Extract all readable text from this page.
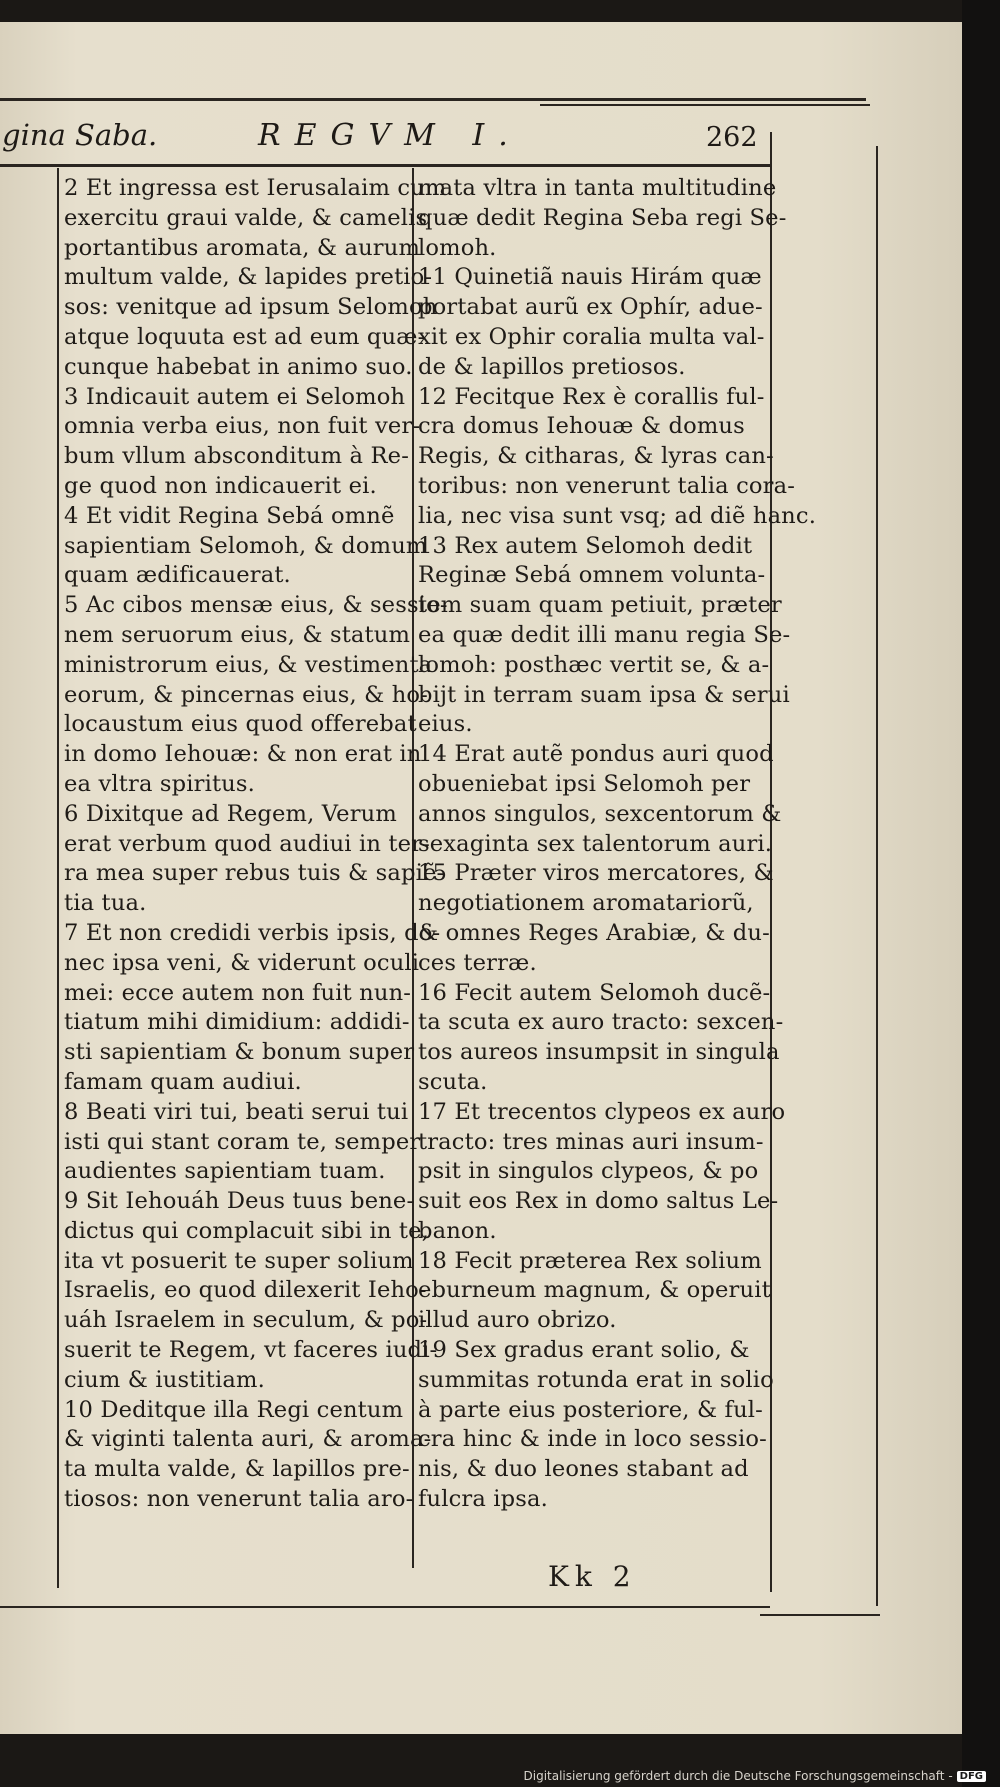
gina Saba.	REGVM I.	262
2 Et ingressa est Ierusalaim cum
exercitu graui valde, & camelis
portantibus aromata, & aurum
multum valde, & lapides pretio-
sos: venitque ad ipsum Selomoh
atque loquuta est ad eum quæ-
cunque habebat in animo suo.
3 Indicauit autem ei Selomoh
omnia verba eius, non fuit ver-
bum vllum absconditum à Re-
ge quod non indicauerit ei.
4 Et vidit Regina Sebá omnẽ
sapientiam Selomoh, & domum
quam ædificauerat.
5 Ac cibos mensæ eius, & sessio-
nem seruorum eius, & statum
ministrorum eius, & vestimenta
eorum, & pincernas eius, & ho-
locaustum eius quod offerebat
in domo Iehouæ: & non erat in
ea vltra spiritus.
6 Dixitque ad Regem, Verum
erat verbum quod audiui in ter-
ra mea super rebus tuis & sapiẽ-
tia tua.
7 Et non credidi verbis ipsis, do-
nec ipsa veni, & viderunt oculi
mei: ecce autem non fuit nun-
tiatum mihi dimidium: addidi-
sti sapientiam & bonum super
famam quam audiui.
8 Beati viri tui, beati serui tui
isti qui stant coram te, semper
audientes sapientiam tuam.
9 Sit Iehouáh Deus tuus bene-
dictus qui complacuit sibi in te,
ita vt posuerit te super solium
Israelis, eo quod dilexerit Ieho-
uáh Israelem in seculum, & po-
suerit te Regem, vt faceres iudi-
cium & iustitiam.
10 Deditque illa Regi centum
& viginti talenta auri, & aroma-
ta multa valde, & lapillos pre-
tiosos: non venerunt talia aro-
mata vltra in tanta multitudine
quæ dedit Regina Seba regi Se-
lomoh.
11 Quinetiã nauis Hirám quæ
portabat aurũ ex Ophír, adue-
xit ex Ophir coralia multa val-
de & lapillos pretiosos.
12 Fecitque Rex è corallis ful-
cra domus Iehouæ & domus
Regis, & citharas, & lyras can-
toribus: non venerunt talia cora-
lia, nec visa sunt vsq; ad diẽ hanc.
13 Rex autem Selomoh dedit
Reginæ Sebá omnem volunta-
tem suam quam petiuit, præter
ea quæ dedit illi manu regia Se-
lomoh: posthæc vertit se, & a-
bijt in terram suam ipsa & serui
eius.
14 Erat autẽ pondus auri quod
obueniebat ipsi Selomoh per
annos singulos, sexcentorum &
sexaginta sex talentorum auri.
15 Præter viros mercatores, &
negotiationem aromatariorũ,
& omnes Reges Arabiæ, & du-
ces terræ.
16 Fecit autem Selomoh ducẽ-
ta scuta ex auro tracto: sexcen-
tos aureos insumpsit in singula
scuta.
17 Et trecentos clypeos ex auro
tracto: tres minas auri insum-
psit in singulos clypeos, & po
suit eos Rex in domo saltus Le-
banon.
18 Fecit præterea Rex solium
eburneum magnum, & operuit
illud auro obrizo.
19 Sex gradus erant solio, &
summitas rotunda erat in solio
à parte eius posteriore, & ful-
cra hinc & inde in loco sessio-
nis, & duo leones stabant ad
fulcra ipsa.
Kk 2
Digitalisierung gefördert durch die Deutsche Forschungsgemeinschaft - DFG
